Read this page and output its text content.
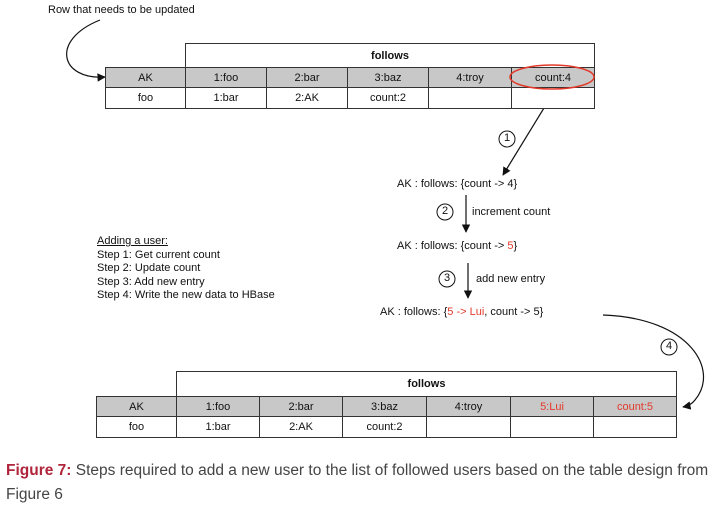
Row that needs to be updated
follows
AK	1:foo	2:bar	3:baz	4:troy	count:4
foo	1:bar	2:AK	count:2
1
2
3
4
AK : follows: {count -> 4}
increment count
AK : follows: {count -> 5}
add new entry
AK : follows: {5 -> Lui, count -> 5}
Adding a user:
Step 1: Get current count
Step 2: Update count
Step 3: Add new entry
Step 4: Write the new data to HBase
follows
AK	1:foo	2:bar	3:baz	4:troy	5:Lui	count:5
foo	1:bar	2:AK	count:2
Figure 7: Steps required to add a new user to the list of followed users based on the table design from Figure 6
